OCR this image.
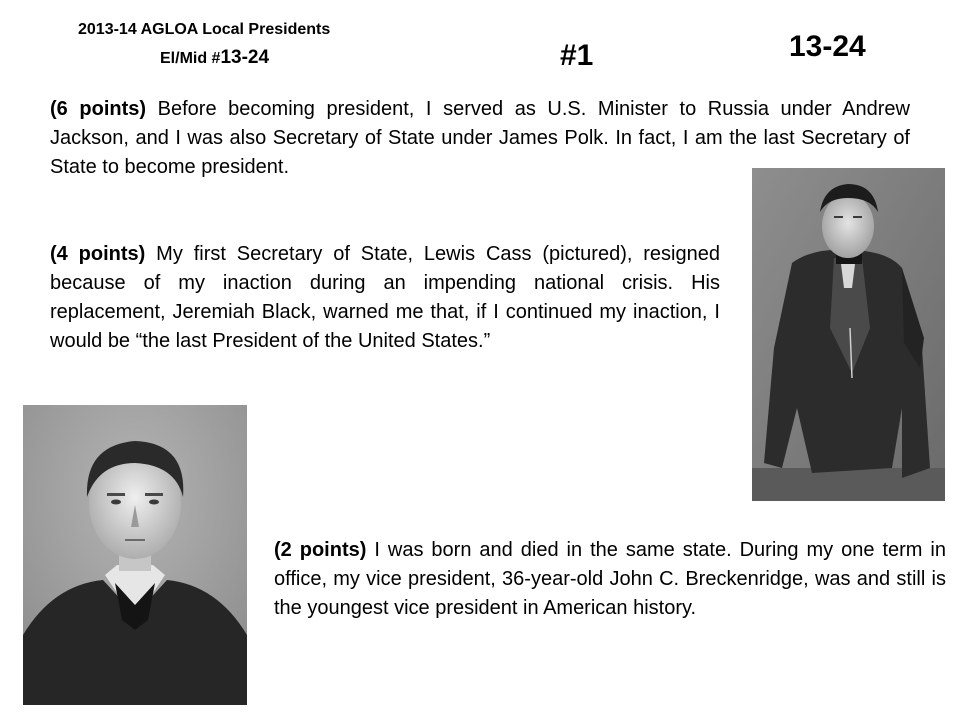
2013-14 AGLOA Local Presidents
El/Mid #13-24	#1	13-24

(6 points) Before becoming president, I served as U.S. Minister to Russia under Andrew Jackson, and I was also Secretary of State under James Polk. In fact, I am the last Secretary of State to become president.

(4 points) My first Secretary of State, Lewis Cass (pictured), resigned because of my inaction during an impending national crisis. His replacement, Jeremiah Black, warned me that, if I continued my inaction, I would be “the last President of the United States.”

(2 points) I was born and died in the same state. During my one term in office, my vice president, 36-year-old John C. Breckenridge, was and still is the youngest vice president in American history.
